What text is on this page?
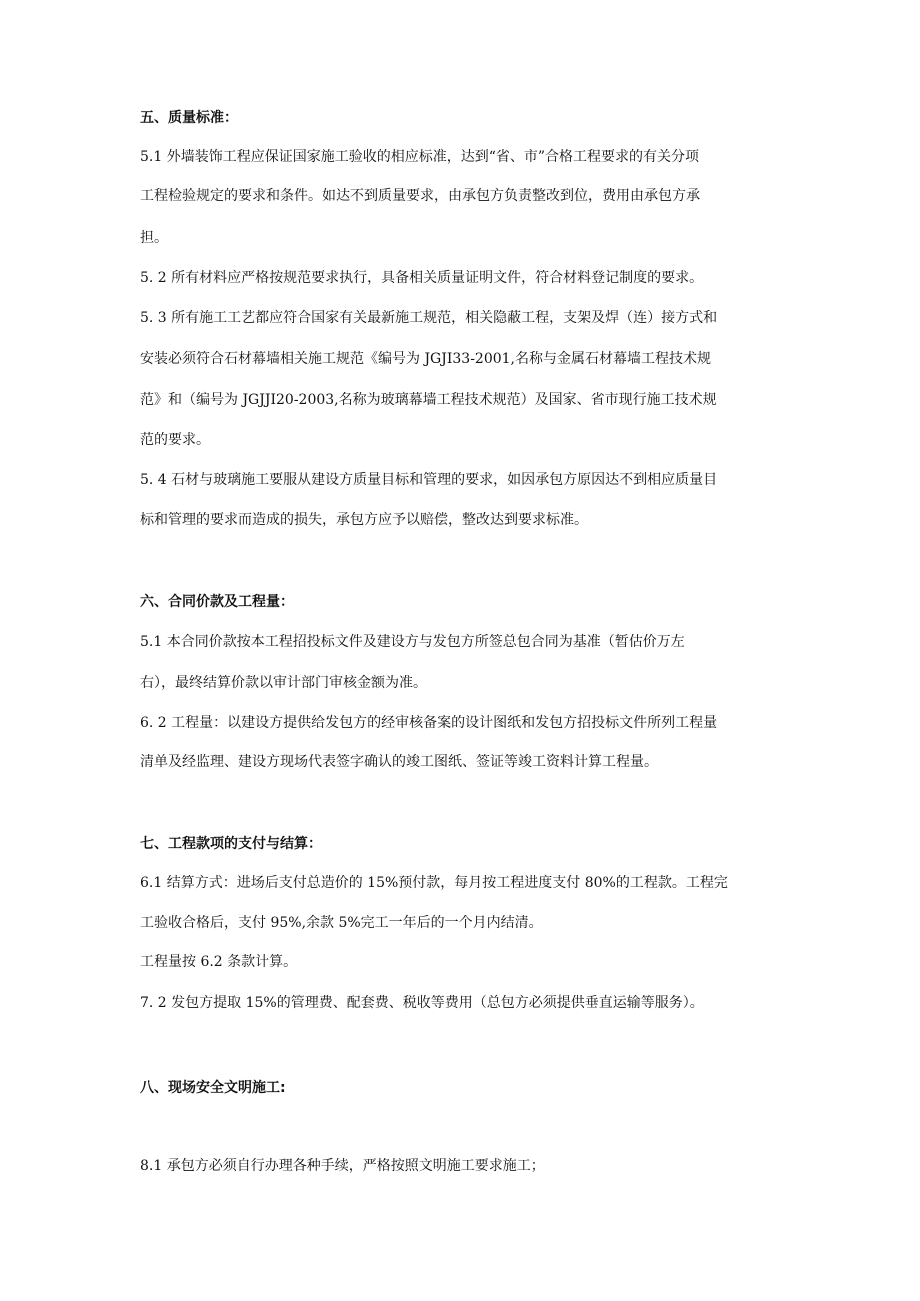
五、质量标准：
5.1 外墙装饰工程应保证国家施工验收的相应标准，达到“省、市”合格工程要求的有关分项
工程检验规定的要求和条件。如达不到质量要求，由承包方负责整改到位，费用由承包方承
担。
5. 2 所有材料应严格按规范要求执行，具备相关质量证明文件，符合材料登记制度的要求。
5. 3 所有施工工艺都应符合国家有关最新施工规范，相关隐蔽工程，支架及焊（连）接方式和
安装必须符合石材幕墙相关施工规范《编号为 JGJI33-2001,名称与金属石材幕墙工程技术规
范》和（编号为 JGJJI20-2003,名称为玻璃幕墙工程技术规范）及国家、省市现行施工技术规
范的要求。
5. 4 石材与玻璃施工要服从建设方质量目标和管理的要求，如因承包方原因达不到相应质量目
标和管理的要求而造成的损失，承包方应予以赔偿，整改达到要求标准。
六、合同价款及工程量：
5.1 本合同价款按本工程招投标文件及建设方与发包方所签总包合同为基准（暂估价万左
右），最终结算价款以审计部门审核金额为准。
6. 2 工程量：以建设方提供给发包方的经审核备案的设计图纸和发包方招投标文件所列工程量
清单及经监理、建设方现场代表签字确认的竣工图纸、签证等竣工资料计算工程量。
七、工程款项的支付与结算：
6.1 结算方式：进场后支付总造价的 15%预付款，每月按工程进度支付 80%的工程款。工程完
工验收合格后，支付 95%,余款 5%完工一年后的一个月内结清。
工程量按 6.2 条款计算。
7. 2 发包方提取 15%的管理费、配套费、税收等费用（总包方必须提供垂直运输等服务）。
八、现场安全文明施工:
8.1 承包方必须自行办理各种手续，严格按照文明施工要求施工；
